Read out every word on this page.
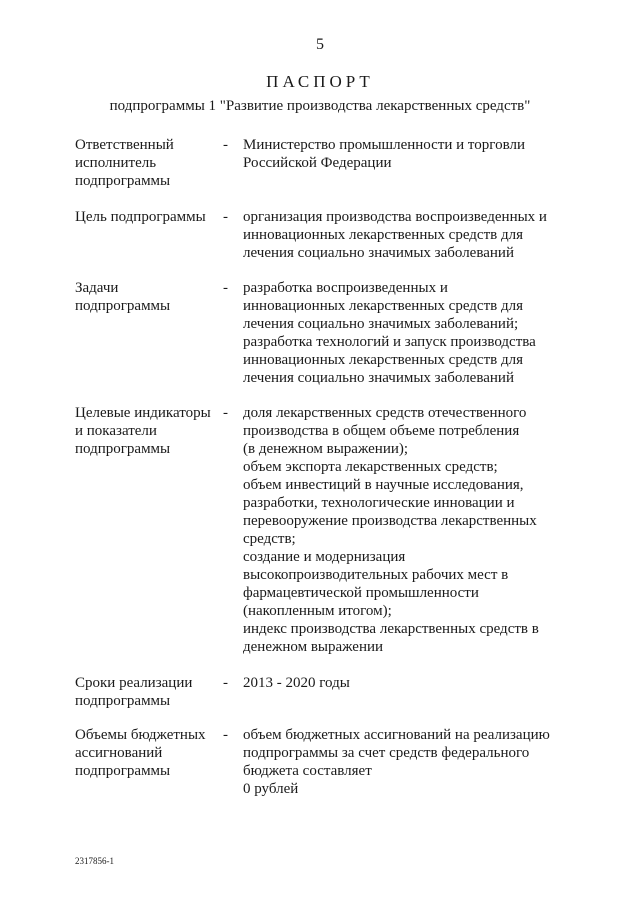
5
ПАСПОРТ
подпрограммы 1 "Развитие производства лекарственных средств"
Ответственный
исполнитель
подпрограммы
-	Министерство промышленности и торговли
Российской Федерации
Цель подпрограммы	-	организация производства воспроизведенных и
инновационных лекарственных средств для
лечения социально значимых заболеваний
Задачи
подпрограммы
-	разработка воспроизведенных и
инновационных лекарственных средств для
лечения социально значимых заболеваний;
разработка технологий и запуск производства
инновационных лекарственных средств для
лечения социально значимых заболеваний
Целевые индикаторы
и показатели
подпрограммы
-	доля лекарственных средств отечественного
производства в общем объеме потребления
(в денежном выражении);
объем экспорта лекарственных средств;
объем инвестиций в научные исследования,
разработки, технологические инновации и
перевооружение производства лекарственных
средств;
создание и модернизация
высокопроизводительных рабочих мест в
фармацевтической промышленности
(накопленным итогом);
индекс производства лекарственных средств в
денежном выражении
Сроки реализации
подпрограммы
-	2013 - 2020 годы
Объемы бюджетных
ассигнований
подпрограммы
-	объем бюджетных ассигнований на реализацию
подпрограммы за счет средств федерального
бюджета составляет
0 рублей
2317856-1
